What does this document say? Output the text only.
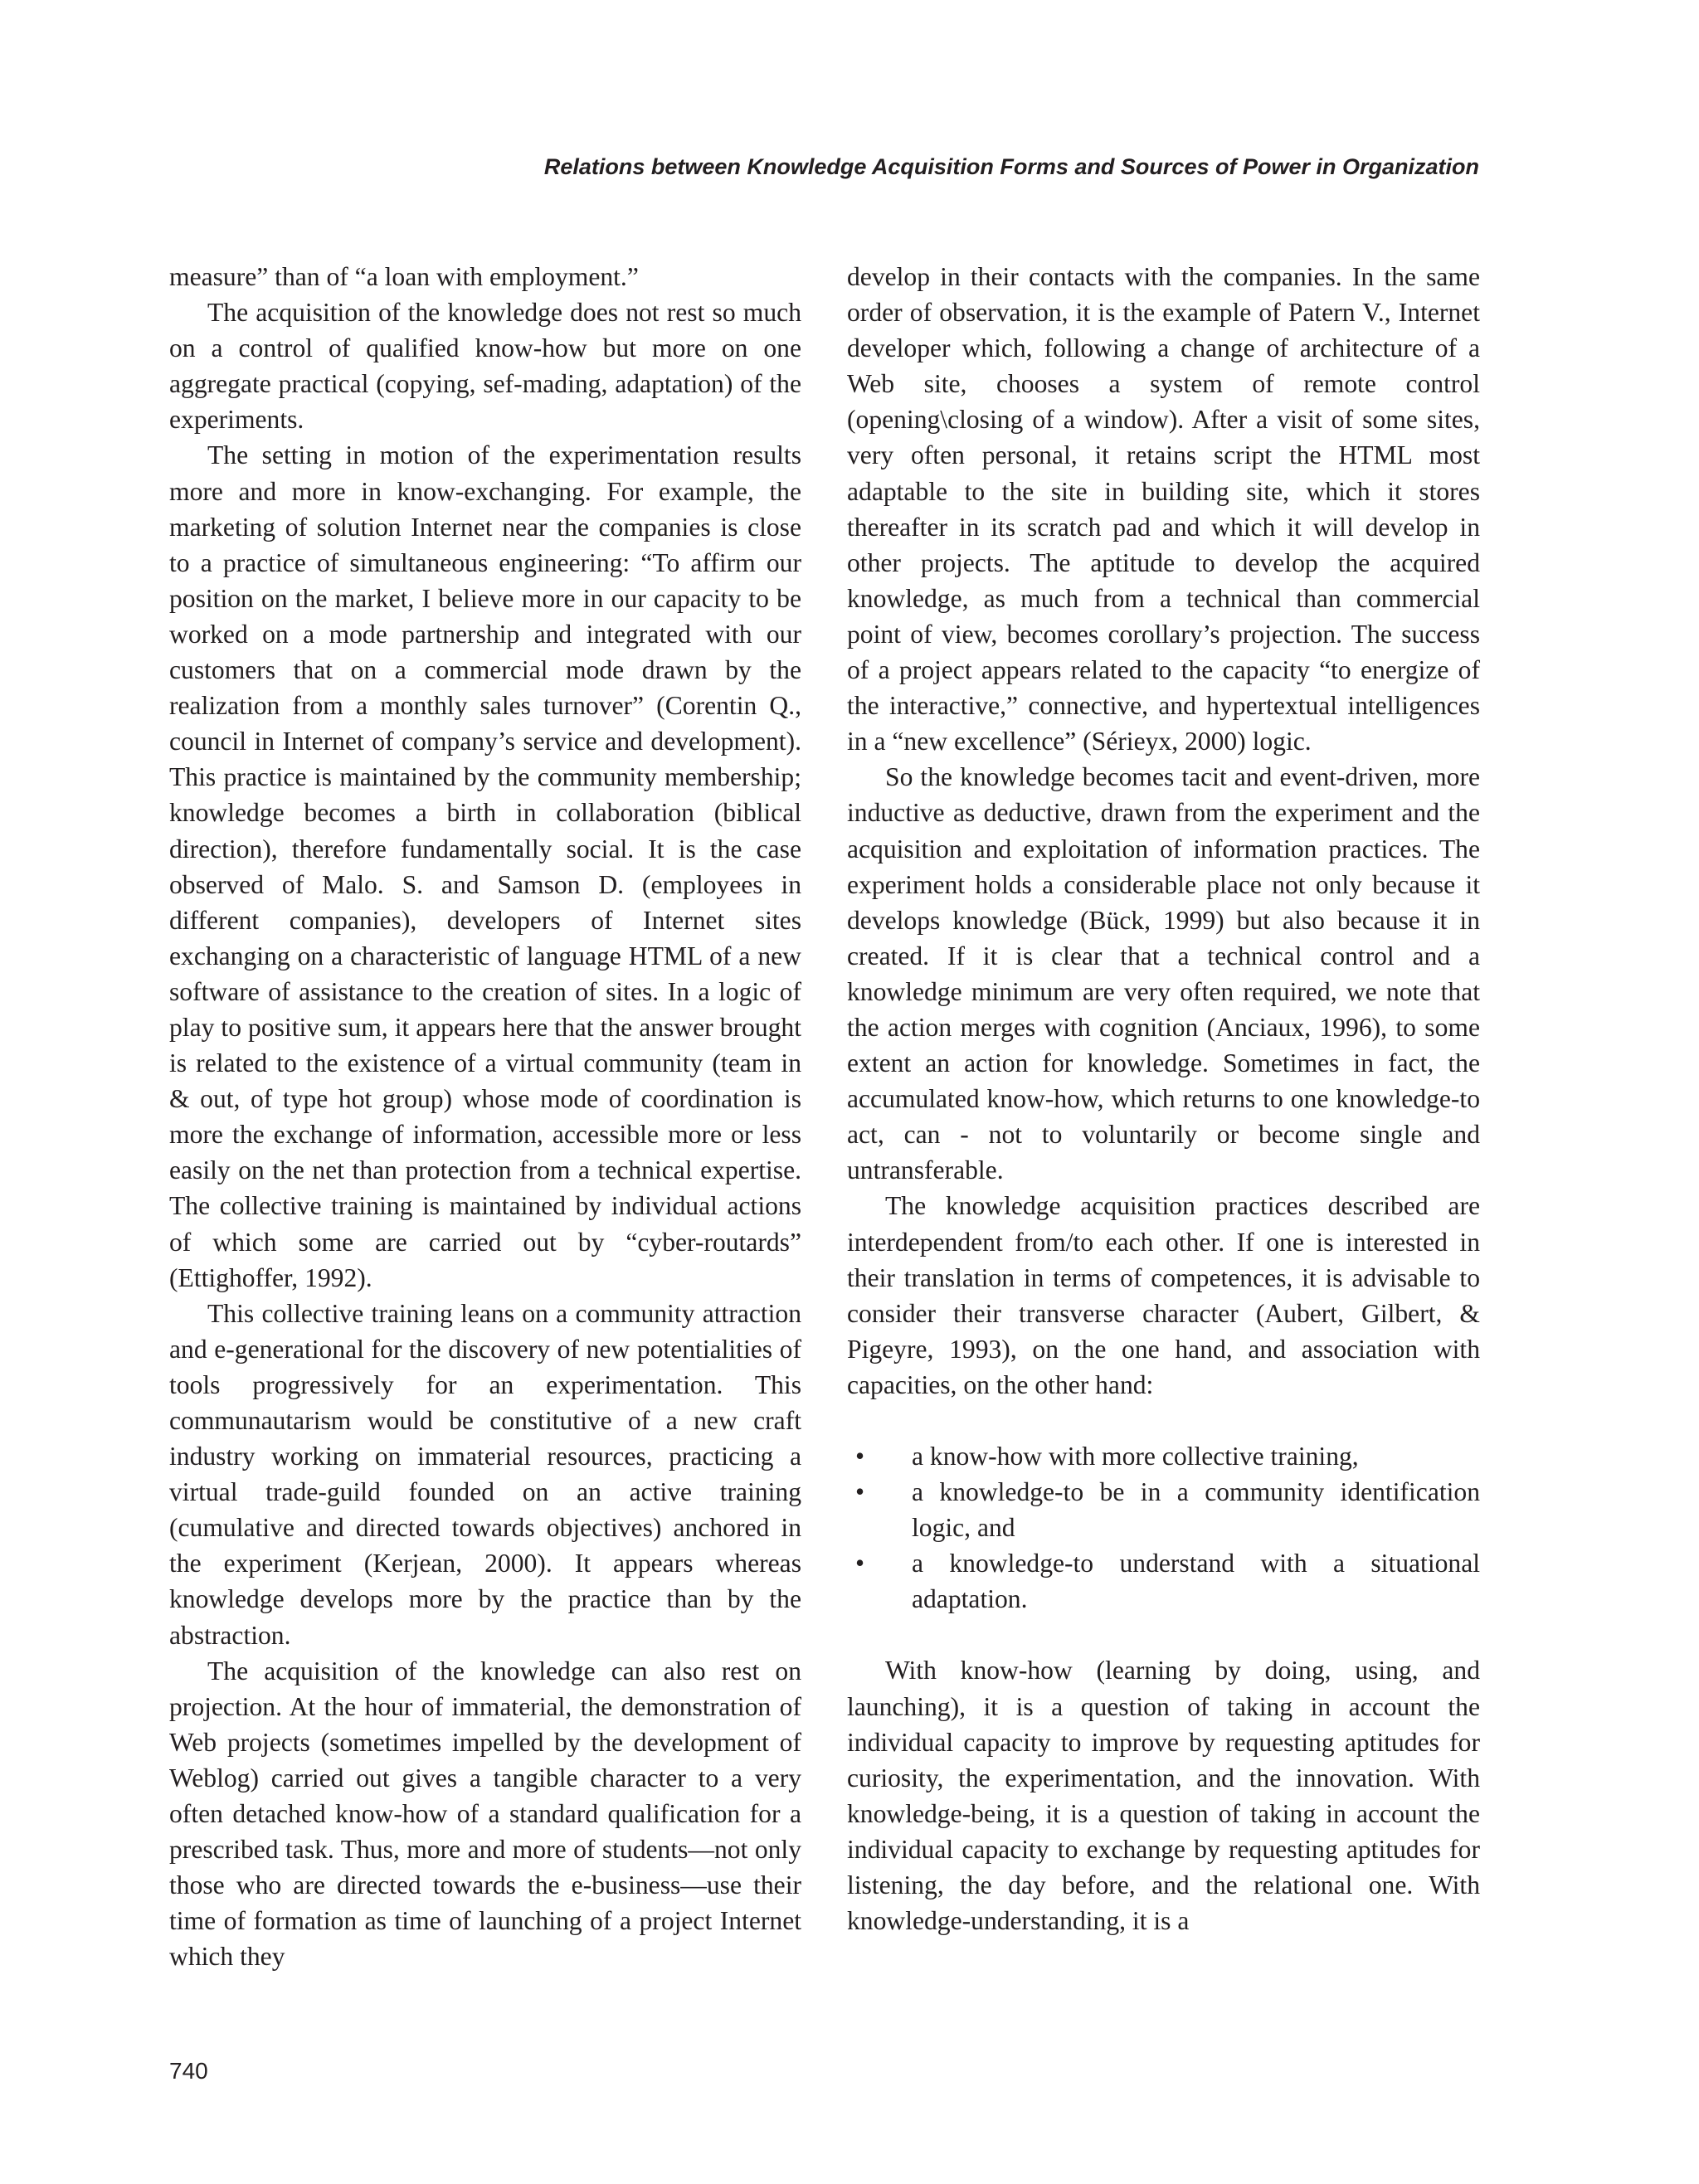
Relations between Knowledge Acquisition Forms and Sources of Power in Organization

measure” than of “a loan with employment.”

The acquisition of the knowledge does not rest so much on a control of qualified know-how but more on one aggregate practical (copying, sef-mading, adaptation) of the experiments.

The setting in motion of the experimentation results more and more in know-exchanging. For example, the marketing of solution Internet near the companies is close to a practice of simultaneous engineering: “To affirm our position on the market, I believe more in our capacity to be worked on a mode partnership and integrated with our customers that on a commercial mode drawn by the realization from a monthly sales turnover” (Corentin Q., council in Internet of company’s service and development). This practice is maintained by the community membership; knowledge becomes a birth in collaboration (biblical direction), therefore fundamentally social. It is the case observed of Malo. S. and Samson D. (employees in different companies), developers of Internet sites exchanging on a characteristic of language HTML of a new software of assistance to the creation of sites. In a logic of play to positive sum, it appears here that the answer brought is related to the existence of a virtual community (team in & out, of type hot group) whose mode of coordination is more the exchange of information, accessible more or less easily on the net than protection from a technical expertise. The collective training is maintained by individual actions of which some are carried out by “cyber-routards” (Ettighoffer, 1992).

This collective training leans on a community attraction and e-generational for the discovery of new potentialities of tools progressively for an experimentation. This communautarism would be constitutive of a new craft industry working on immaterial resources, practicing a virtual trade-guild founded on an active training (cumulative and directed towards objectives) anchored in the experiment (Kerjean, 2000). It appears whereas knowledge develops more by the practice than by the abstraction.

The acquisition of the knowledge can also rest on projection. At the hour of immaterial, the demonstration of Web projects (sometimes impelled by the development of Weblog) carried out gives a tangible character to a very often detached know-how of a standard qualification for a prescribed task. Thus, more and more of students—not only those who are directed towards the e-business—use their time of formation as time of launching of a project Internet which they

develop in their contacts with the companies. In the same order of observation, it is the example of Patern V., Internet developer which, following a change of architecture of a Web site, chooses a system of remote control (opening\closing of a window). After a visit of some sites, very often personal, it retains script the HTML most adaptable to the site in building site, which it stores thereafter in its scratch pad and which it will develop in other projects. The aptitude to develop the acquired knowledge, as much from a technical than commercial point of view, becomes corollary’s projection. The success of a project appears related to the capacity “to energize of the interactive,” connective, and hypertextual intelligences in a “new excellence” (Sérieyx, 2000) logic.

So the knowledge becomes tacit and event-driven, more inductive as deductive, drawn from the experiment and the acquisition and exploitation of information practices. The experiment holds a considerable place not only because it develops knowledge (Bück, 1999) but also because it in created. If it is clear that a technical control and a knowledge minimum are very often required, we note that the action merges with cognition (Anciaux, 1996), to some extent an action for knowledge. Sometimes in fact, the accumulated know-how, which returns to one knowledge-to act, can - not to voluntarily or become single and untransferable.

The knowledge acquisition practices described are interdependent from/to each other. If one is interested in their translation in terms of competences, it is advisable to consider their transverse character (Aubert, Gilbert, & Pigeyre, 1993), on the one hand, and association with capacities, on the other hand:

• a know-how with more collective training,
• a knowledge-to be in a community identification logic, and
• a knowledge-to understand with a situational adaptation.

With know-how (learning by doing, using, and launching), it is a question of taking in account the individual capacity to improve by requesting aptitudes for curiosity, the experimentation, and the innovation. With knowledge-being, it is a question of taking in account the individual capacity to exchange by requesting aptitudes for listening, the day before, and the relational one. With knowledge-understanding, it is a

740
